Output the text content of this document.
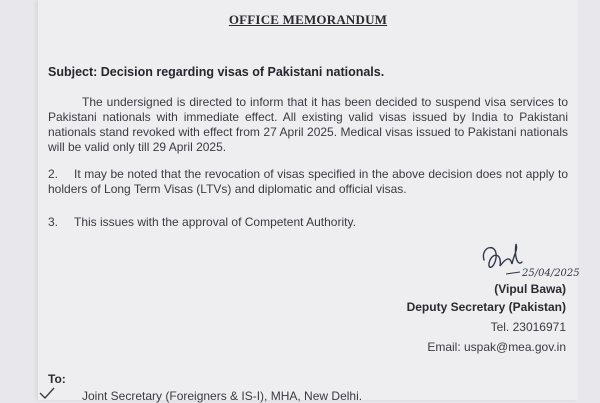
OFFICE MEMORANDUM
Subject: Decision regarding visas of Pakistani nationals.
The undersigned is directed to inform that it has been decided to suspend visa services to Pakistani nationals with immediate effect. All existing valid visas issued by India to Pakistani nationals stand revoked with effect from 27 April 2025. Medical visas issued to Pakistani nationals will be valid only till 29 April 2025.
2. It may be noted that the revocation of visas specified in the above decision does not apply to holders of Long Term Visas (LTVs) and diplomatic and official visas.
3. This issues with the approval of Competent Authority.
25/04/2025
(Vipul Bawa)
Deputy Secretary (Pakistan)
Tel. 23016971
Email: uspak@mea.gov.in
To:
Joint Secretary (Foreigners & IS-I), MHA, New Delhi.
